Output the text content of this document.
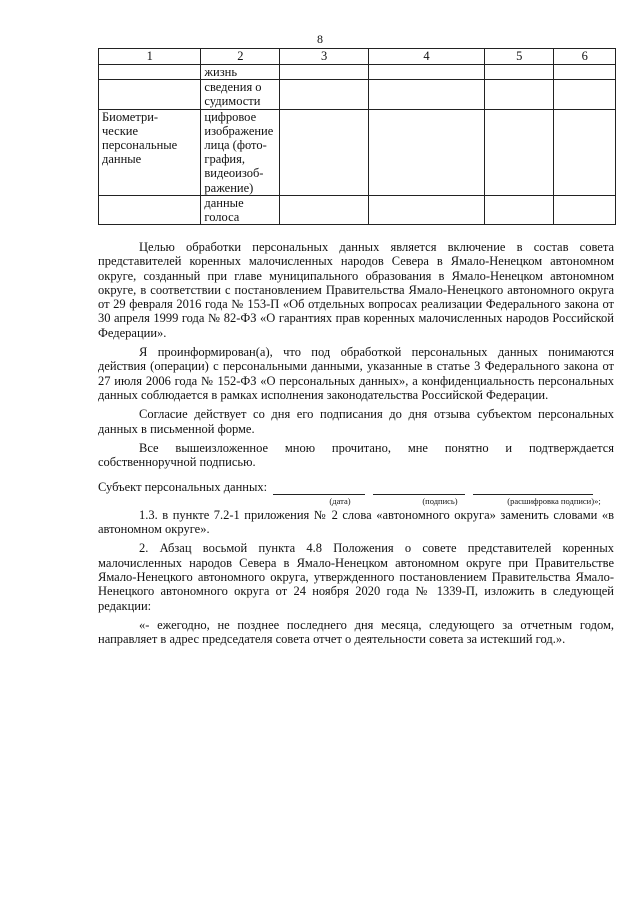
8
1	2	3	4	5	6
	жизнь				
	сведения о судимости				
Биометри-
ческие
персональные
данные	цифровое изображение лица (фото-графия, видеоизоб-ражение)				
	данные голоса				

Целью обработки персональных данных является включение в состав совета представителей коренных малочисленных народов Севера в Ямало-Ненецком автономном округе, созданный при главе муниципального образования в Ямало-Ненецком автономном округе, в соответствии с постановлением Правительства Ямало-Ненецкого автономного округа от 29 февраля 2016 года № 153-П «Об отдельных вопросах реализации Федерального закона от 30 апреля 1999 года № 82-ФЗ «О гарантиях прав коренных малочисленных народов Российской Федерации».

Я проинформирован(а), что под обработкой персональных данных понимаются действия (операции) с персональными данными, указанные в статье 3 Федерального закона от 27 июля 2006 года № 152-ФЗ «О персональных данных», а конфиденциальность персональных данных соблюдается в рамках исполнения законодательства Российской Федерации.

Согласие действует со дня его подписания до дня отзыва субъектом персональных данных в письменной форме.

Все вышеизложенное мною прочитано, мне понятно и подтверждается собственноручной подписью.

Субъект персональных данных:
(дата)	(подпись)	(расшифровка подписи)»;

1.3. в пункте 7.2-1 приложения № 2 слова «автономного округа» заменить словами «в автономном округе».

2. Абзац восьмой пункта 4.8 Положения о совете представителей коренных малочисленных народов Севера в Ямало-Ненецком автономном округе при Правительстве Ямало-Ненецкого автономного округа, утвержденного постановлением Правительства Ямало-Ненецкого автономного округа от 24 ноября 2020 года № 1339-П, изложить в следующей редакции:

«- ежегодно, не позднее последнего дня месяца, следующего за отчетным годом, направляет в адрес председателя совета отчет о деятельности совета за истекший год.».
